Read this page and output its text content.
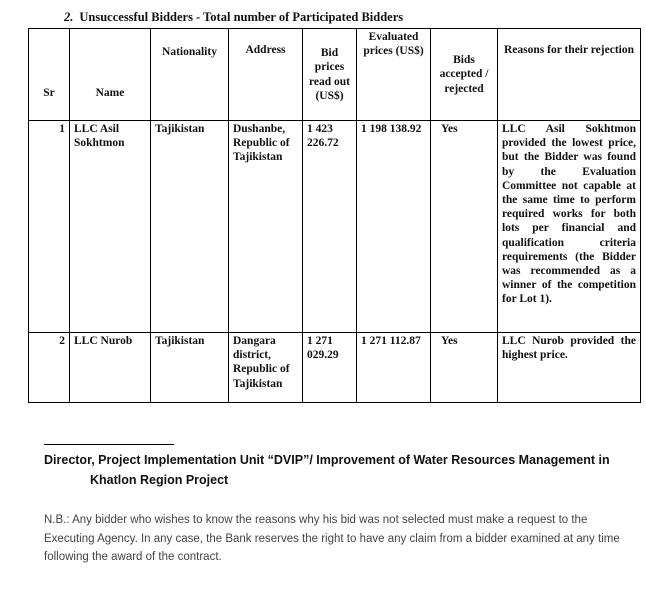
2. Unsuccessful Bidders - Total number of Participated Bidders
Sr	Name	Nationality	Address	Bid prices read out (US$)	Evaluated prices (US$)	Bids accepted / rejected	Reasons for their rejection
1	LLC Asil Sokhtmon	Tajikistan	Dushanbe, Republic of Tajikistan	1 423 226.72	1 198 138.92	Yes	LLC Asil Sokhtmon provided the lowest price, but the Bidder was found by the Evaluation Committee not capable at the same time to perform required works for both lots per financial and qualification criteria requirements (the Bidder was recommended as a winner of the competition for Lot 1).
2	LLC Nurob	Tajikistan	Dangara district, Republic of Tajikistan	1 271 029.29	1 271 112.87	Yes	LLC Nurob provided the highest price.
Director, Project Implementation Unit “DVIP”/ Improvement of Water Resources Management in
Khatlon Region Project
N.B.: Any bidder who wishes to know the reasons why his bid was not selected must make a request to the Executing Agency. In any case, the Bank reserves the right to have any claim from a bidder examined at any time following the award of the contract.
